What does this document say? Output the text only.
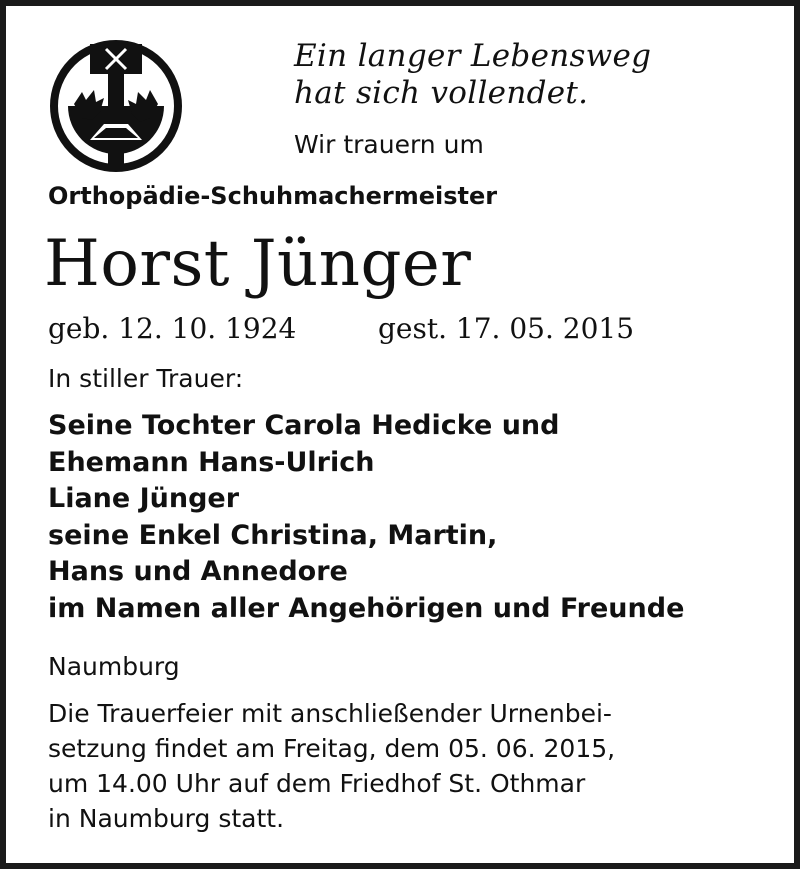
Ein langer Lebensweg
hat sich vollendet.
Wir trauern um
Orthopädie-Schuhmachermeister
Horst Jünger
geb. 12. 10. 1924	gest. 17. 05. 2015
In stiller Trauer:
Seine Tochter Carola Hedicke und
Ehemann Hans-Ulrich
Liane Jünger
seine Enkel Christina, Martin,
Hans und Annedore
im Namen aller Angehörigen und Freunde
Naumburg
Die Trauerfeier mit anschließender Urnenbei-
setzung findet am Freitag, dem 05. 06. 2015,
um 14.00 Uhr auf dem Friedhof St. Othmar
in Naumburg statt.
